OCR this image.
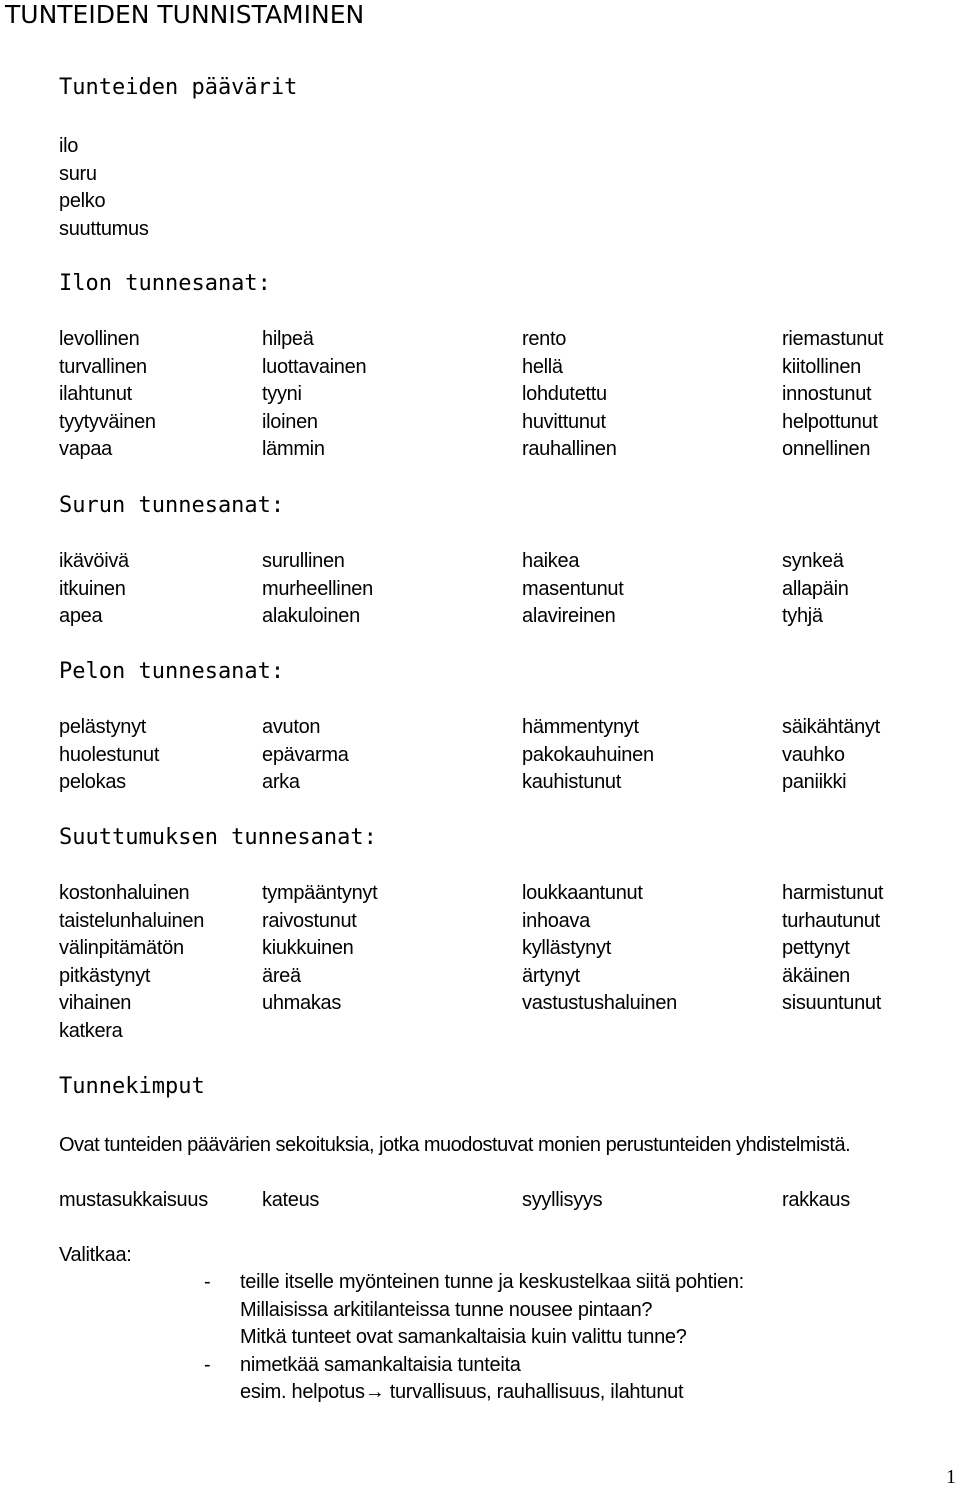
TUNTEIDEN TUNNISTAMINEN
Tunteiden päävärit
ilo
suru
pelko
suuttumus
Ilon tunnesanat:
levollinen	hilpeä	rento	riemastunut
turvallinen	luottavainen	hellä	kiitollinen
ilahtunut	tyyni	lohdutettu	innostunut
tyytyväinen	iloinen	huvittunut	helpottunut
vapaa	lämmin	rauhallinen	onnellinen
Surun tunnesanat:
ikävöivä	surullinen	haikea	synkeä
itkuinen	murheellinen	masentunut	allapäin
apea	alakuloinen	alavireinen	tyhjä
Pelon tunnesanat:
pelästynyt	avuton	hämmentynyt	säikähtänyt
huolestunut	epävarma	pakokauhuinen	vauhko
pelokas	arka	kauhistunut	paniikki
Suuttumuksen tunnesanat:
kostonhaluinen	tympääntynyt	loukkaantunut	harmistunut
taistelunhaluinen	raivostunut	inhoava	turhautunut
välinpitämätön	kiukkuinen	kyllästynyt	pettynyt
pitkästynyt	äreä	ärtynyt	äkäinen
vihainen	uhmakas	vastustushaluinen	sisuuntunut
katkera
Tunnekimput
Ovat tunteiden päävärien sekoituksia, jotka muodostuvat monien perustunteiden yhdistelmistä.
mustasukkaisuus	kateus	syyllisyys	rakkaus
Valitkaa:
- teille itselle myönteinen tunne ja keskustelkaa siitä pohtien:
Millaisissa arkitilanteissa tunne nousee pintaan?
Mitkä tunteet ovat samankaltaisia kuin valittu tunne?
- nimetkää samankaltaisia tunteita
esim. helpotus→ turvallisuus, rauhallisuus, ilahtunut
1
